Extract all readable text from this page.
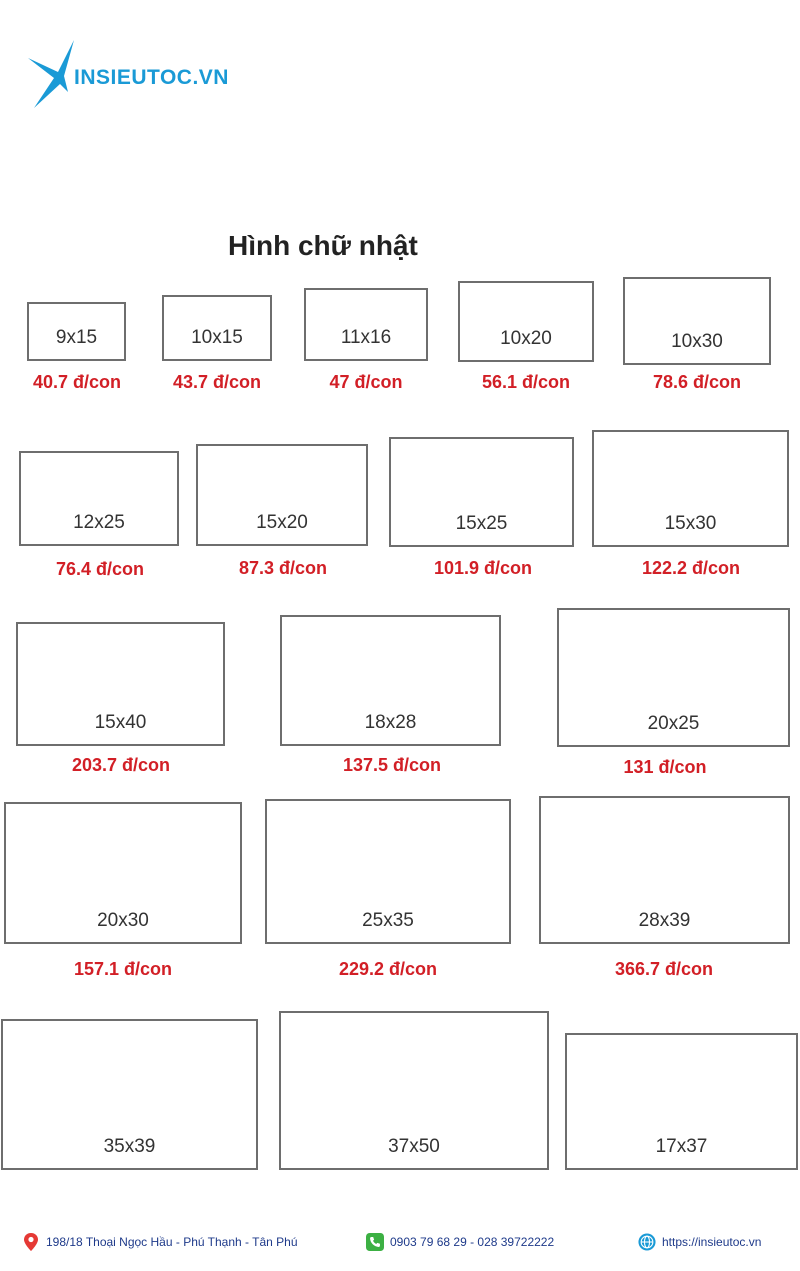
INSIEUTOC.VN
Hình chữ nhật
9x15
40.7 đ/con
10x15
43.7 đ/con
11x16
47 đ/con
10x20
56.1 đ/con
10x30
78.6 đ/con
12x25
76.4 đ/con
15x20
87.3 đ/con
15x25
101.9 đ/con
15x30
122.2 đ/con
15x40
203.7 đ/con
18x28
137.5 đ/con
20x25
131 đ/con
20x30
157.1 đ/con
25x35
229.2 đ/con
28x39
366.7 đ/con
35x39	37x50	17x37
198/18 Thoại Ngọc Hầu - Phú Thạnh - Tân Phú	0903 79 68 29 - 028 39722222	https://insieutoc.vn
